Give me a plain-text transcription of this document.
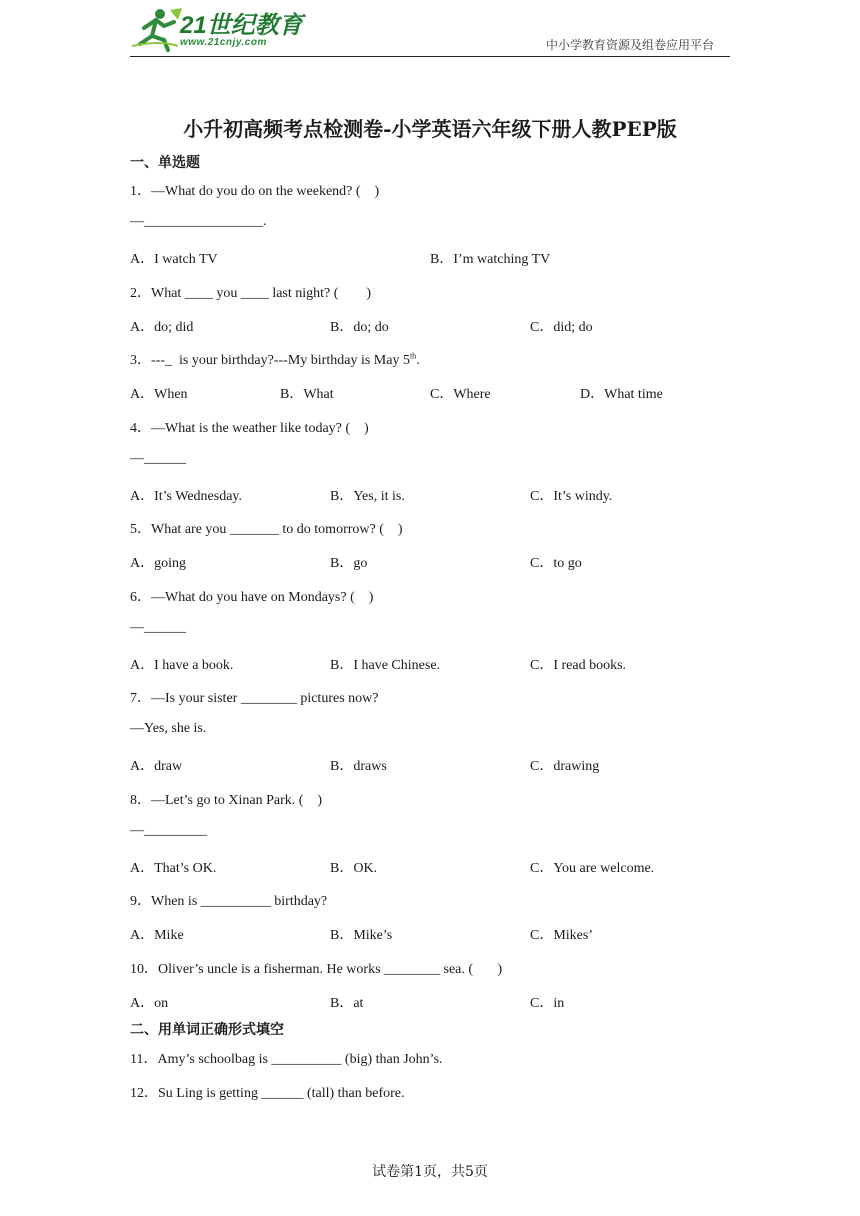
21世纪教育
www.21cnjy.com	中小学教育资源及组卷应用平台
小升初高频考点检测卷-小学英语六年级下册人教PEP版
一、单选题
1．—What do you do on the weekend? (    )
—_________________.
A．I watch TV	B．I’m watching TV
2．What ____ you ____ last night? (        )
A．do; did	B．do; do	C．did; do
3．---_  is your birthday?---My birthday is May 5th.
A．When	B．What	C．Where	D．What time
4．—What is the weather like today? (    )
—______
A．It’s Wednesday.	B．Yes, it is.	C．It’s windy.
5．What are you _______ to do tomorrow? (    )
A．going	B．go	C．to go
6．—What do you have on Mondays? (    )
—______
A．I have a book.	B．I have Chinese.	C．I read books.
7．—Is your sister ________ pictures now?
—Yes, she is.
A．draw	B．draws	C．drawing
8．—Let’s go to Xinan Park. (    )
—_________
A．That’s OK.	B．OK.	C．You are welcome.
9．When is __________ birthday?
A．Mike	B．Mike’s	C．Mikes’
10．Oliver’s uncle is a fisherman. He works ________ sea. (       )
A．on	B．at	C．in
二、用单词正确形式填空
11．Amy’s schoolbag is __________ (big) than John’s.
12．Su Ling is getting ______ (tall) than before.
试卷第1页，共5页
